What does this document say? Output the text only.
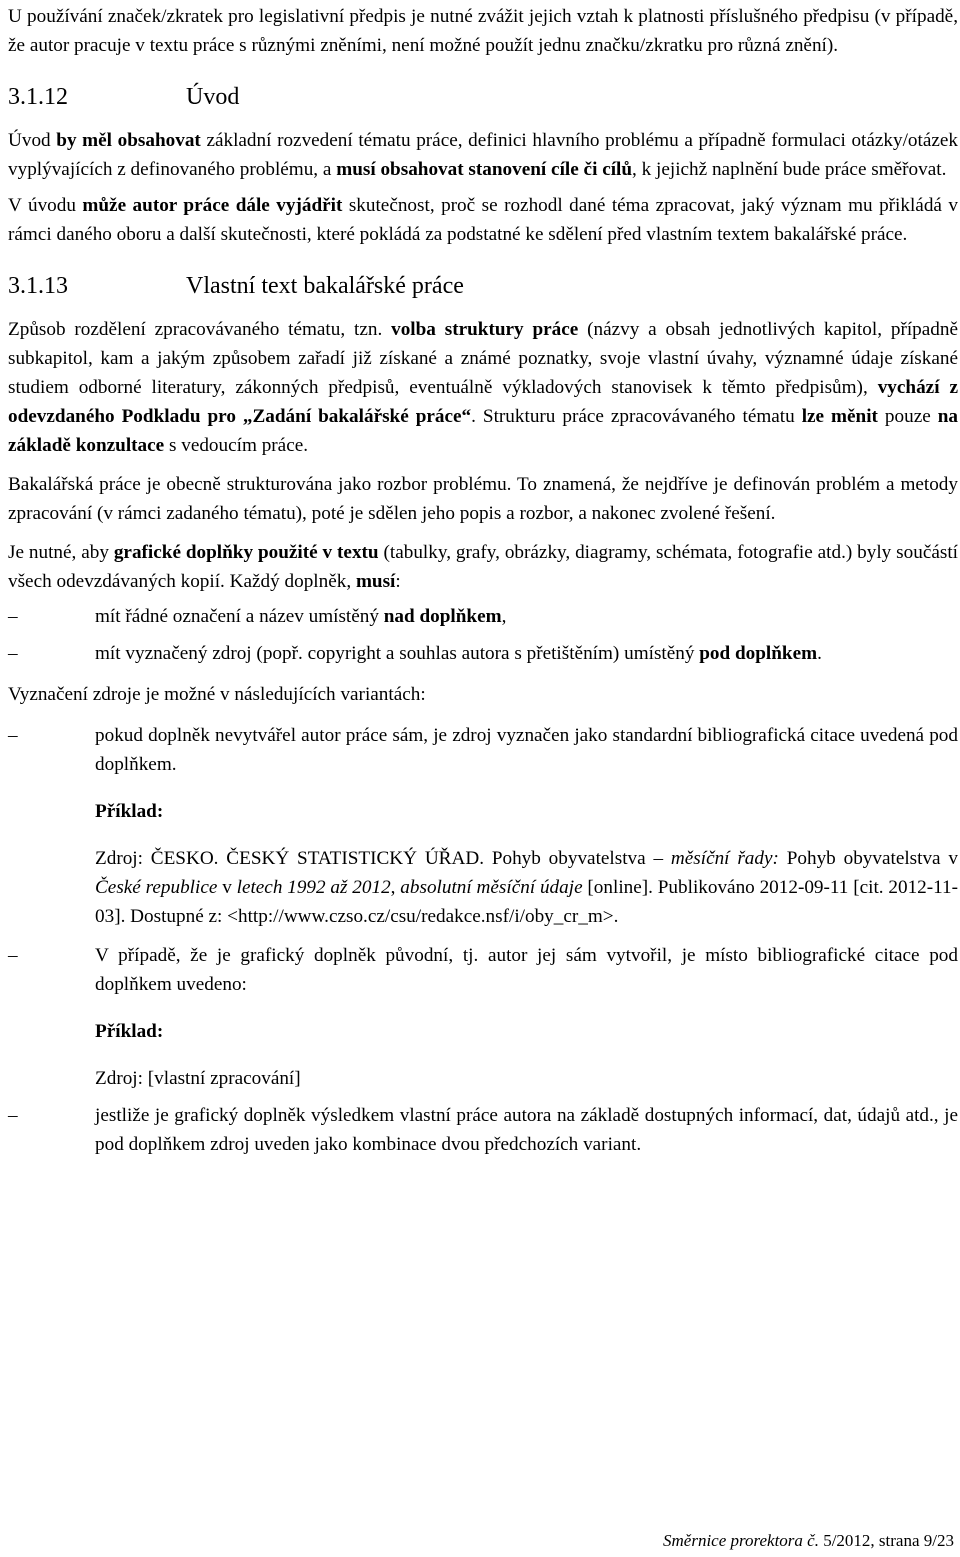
U používání značek/zkratek pro legislativní předpis je nutné zvážit jejich vztah k platnosti příslušného předpisu (v případě, že autor pracuje v textu práce s různými zněními, není možné použít jednu značku/zkratku pro různá znění).

3.1.12	Úvod

Úvod by měl obsahovat základní rozvedení tématu práce, definici hlavního problému a případně formulaci otázky/otázek vyplývajících z definovaného problému, a musí obsahovat stanovení cíle či cílů, k jejichž naplnění bude práce směřovat.

V úvodu může autor práce dále vyjádřit skutečnost, proč se rozhodl dané téma zpracovat, jaký význam mu přikládá v rámci daného oboru a další skutečnosti, které pokládá za podstatné ke sdělení před vlastním textem bakalářské práce.

3.1.13	Vlastní text bakalářské práce

Způsob rozdělení zpracovávaného tématu, tzn. volba struktury práce (názvy a obsah jednotlivých kapitol, případně subkapitol, kam a jakým způsobem zařadí již získané a známé poznatky, svoje vlastní úvahy, významné údaje získané studiem odborné literatury, zákonných předpisů, eventuálně výkladových stanovisek k těmto předpisům), vychází z odevzdaného Podkladu pro „Zadání bakalářské práce“. Strukturu práce zpracovávaného tématu lze měnit pouze na základě konzultace s vedoucím práce.

Bakalářská práce je obecně strukturována jako rozbor problému. To znamená, že nejdříve je definován problém a metody zpracování (v rámci zadaného tématu), poté je sdělen jeho popis a rozbor, a nakonec zvolené řešení.

Je nutné, aby grafické doplňky použité v textu (tabulky, grafy, obrázky, diagramy, schémata, fotografie atd.) byly součástí všech odevzdávaných kopií. Každý doplněk, musí:

–	mít řádné označení a název umístěný nad doplňkem,
–	mít vyznačený zdroj (popř. copyright a souhlas autora s přetištěním) umístěný pod doplňkem.

Vyznačení zdroje je možné v následujících variantách:

–	pokud doplněk nevytvářel autor práce sám, je zdroj vyznačen jako standardní bibliografická citace uvedená pod doplňkem.
Příklad:

Zdroj: ČESKO. ČESKÝ STATISTICKÝ ÚŘAD. Pohyb obyvatelstva – měsíční řady: Pohyb obyvatelstva v České republice v letech 1992 až 2012, absolutní měsíční údaje [online]. Publikováno 2012-09-11 [cit. 2012-11-03]. Dostupné z: <http://www.czso.cz/csu/redakce.nsf/i/oby_cr_m>.

–	V případě, že je grafický doplněk původní, tj. autor jej sám vytvořil, je místo bibliografické citace pod doplňkem uvedeno:
Příklad:

Zdroj: [vlastní zpracování]

–	jestliže je grafický doplněk výsledkem vlastní práce autora na základě dostupných informací, dat, údajů atd., je pod doplňkem zdroj uveden jako kombinace dvou předchozích variant.
Směrnice prorektora č. 5/2012, strana 9/23
